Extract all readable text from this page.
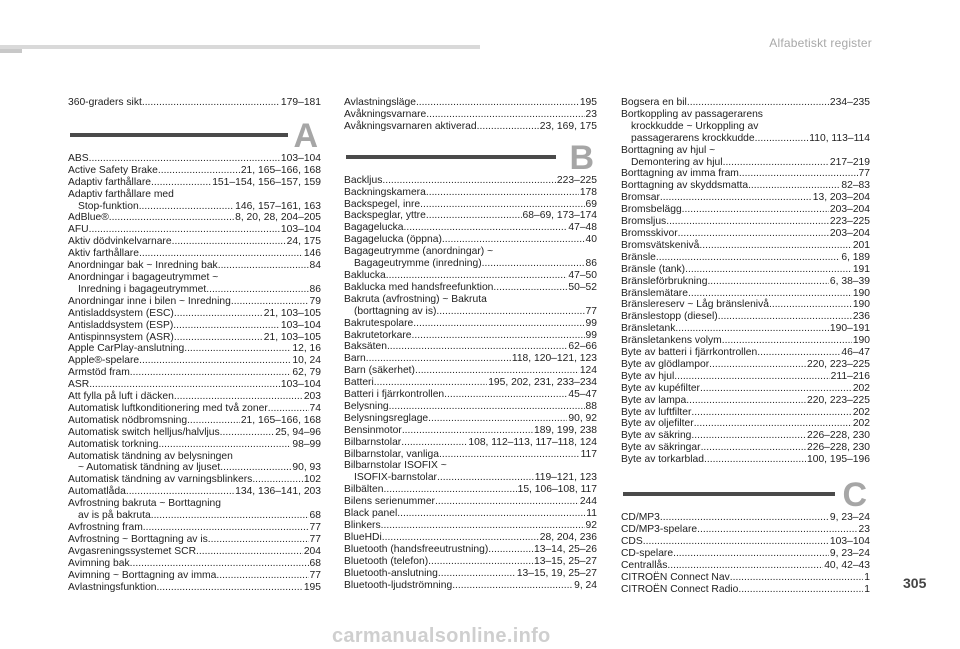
Alfabetiskt register
360-graders sikt .....	179–181
A
ABS .....	103–104
Active Safety Brake .....	21, 165–166, 168
Adaptiv farthållare .....	151–154, 156–157, 159
Adaptiv farthållare med
Stop-funktion .....	146, 157–161, 163
AdBlue® .....	8, 20, 28, 204–205
AFU .....	103–104
Aktiv dödvinkelvarnare .....	24, 175
Aktiv farthållare .....	146
Anordningar bak ~ Inredning bak .....	84
Anordningar i bagageutrymmet ~
Inredning i bagageutrymmet .....	86
Anordningar inne i bilen ~ Inredning .....	79
Antisladdsystem (ESC) .....	21, 103–105
Antisladdsystem (ESP) .....	103–104
Antispinnsystem (ASR) .....	21, 103–105
Apple CarPlay-anslutning .....	12, 16
Apple®-spelare .....	10, 24
Armstöd fram .....	62, 79
ASR .....	103–104
Att fylla på luft i däcken .....	203
Automatisk luftkonditionering med två zoner .....	74
Automatisk nödbromsning .....	21, 165–166, 168
Automatisk switch helljus/halvljus .....	25, 94–96
Automatisk torkning .....	98–99
Automatisk tändning av belysningen
~ Automatisk tändning av ljuset .....	90, 93
Automatisk tändning av varningsblinkers .....	102
Automatlåda .....	134, 136–141, 203
Avfrostning bakruta ~ Borttagning
av is på bakruta .....	68
Avfrostning fram .....	77
Avfrostning ~ Borttagning av is .....	77
Avgasreningssystemet SCR .....	204
Avimning bak .....	68
Avimning ~ Borttagning av imma .....	77
Avlastningsfunktion .....	195
Avlastningsläge .....	195
Avåkningsvarnare .....	23
Avåkningsvarnaren aktiverad .....	23, 169, 175
B
Backljus .....	223–225
Backningskamera .....	178
Backspegel, inre .....	69
Backspeglar, yttre .....	68–69, 173–174
Bagagelucka .....	47–48
Bagagelucka (öppna) .....	40
Bagageutrymme (anordningar) ~
Bagageutrymme (inredning) .....	86
Baklucka .....	47–50
Baklucka med handsfreefunktion .....	50–52
Bakruta (avfrostning) ~ Bakruta
(borttagning av is) .....	77
Bakrutespolare .....	99
Bakrutetorkare .....	99
Baksäten .....	62–66
Barn .....	118, 120–121, 123
Barn (säkerhet) .....	124
Batteri .....	195, 202, 231, 233–234
Batteri i fjärrkontrollen .....	45–47
Belysning .....	88
Belysningsreglage .....	90, 92
Bensinmotor .....	189, 199, 238
Bilbarnstolar .....	108, 112–113, 117–118, 124
Bilbarnstolar, vanliga .....	117
Bilbarnstolar ISOFIX ~
ISOFIX-barnstolar .....	119–121, 123
Bilbälten .....	15, 106–108, 117
Bilens serienummer .....	244
Black panel .....	11
Blinkers .....	92
BlueHDi .....	28, 204, 236
Bluetooth (handsfreeutrustning) .....	13–14, 25–26
Bluetooth (telefon) .....	13–15, 25–27
Bluetooth-anslutning .....	13–15, 19, 25–27
Bluetooth-ljudströmning .....	9, 24
Bogsera en bil .....	234–235
Bortkoppling av passagerarens
krockkudde ~ Urkoppling av
passagerarens krockkudde .....	110, 113–114
Borttagning av hjul ~
Demontering av hjul .....	217–219
Borttagning av imma fram .....	77
Borttagning av skyddsmatta .....	82–83
Bromsar .....	13, 203–204
Bromsbelägg .....	203–204
Bromsljus .....	223–225
Bromsskivor .....	203–204
Bromsvätskenivå .....	201
Bränsle .....	6, 189
Bränsle (tank) .....	191
Bränsleförbrukning .....	6, 38–39
Bränslemätare .....	190
Bränslereserv ~ Låg bränslenivå .....	190
Bränslestopp (diesel) .....	236
Bränsletank .....	190–191
Bränsletankens volym .....	190
Byte av batteri i fjärrkontrollen .....	46–47
Byte av glödlampor .....	220, 223–225
Byte av hjul .....	211–216
Byte av kupéfilter .....	202
Byte av lampa .....	220, 223–225
Byte av luftfilter .....	202
Byte av oljefilter .....	202
Byte av säkring .....	226–228, 230
Byte av säkringar .....	226–228, 230
Byte av torkarblad .....	100, 195–196
C
CD/MP3 .....	9, 23–24
CD/MP3-spelare .....	23
CDS .....	103–104
CD-spelare .....	9, 23–24
Centrallås .....	40, 42–43
CITROËN Connect Nav .....	1
CITROËN Connect Radio .....	1 305
carmanualsonline.info
